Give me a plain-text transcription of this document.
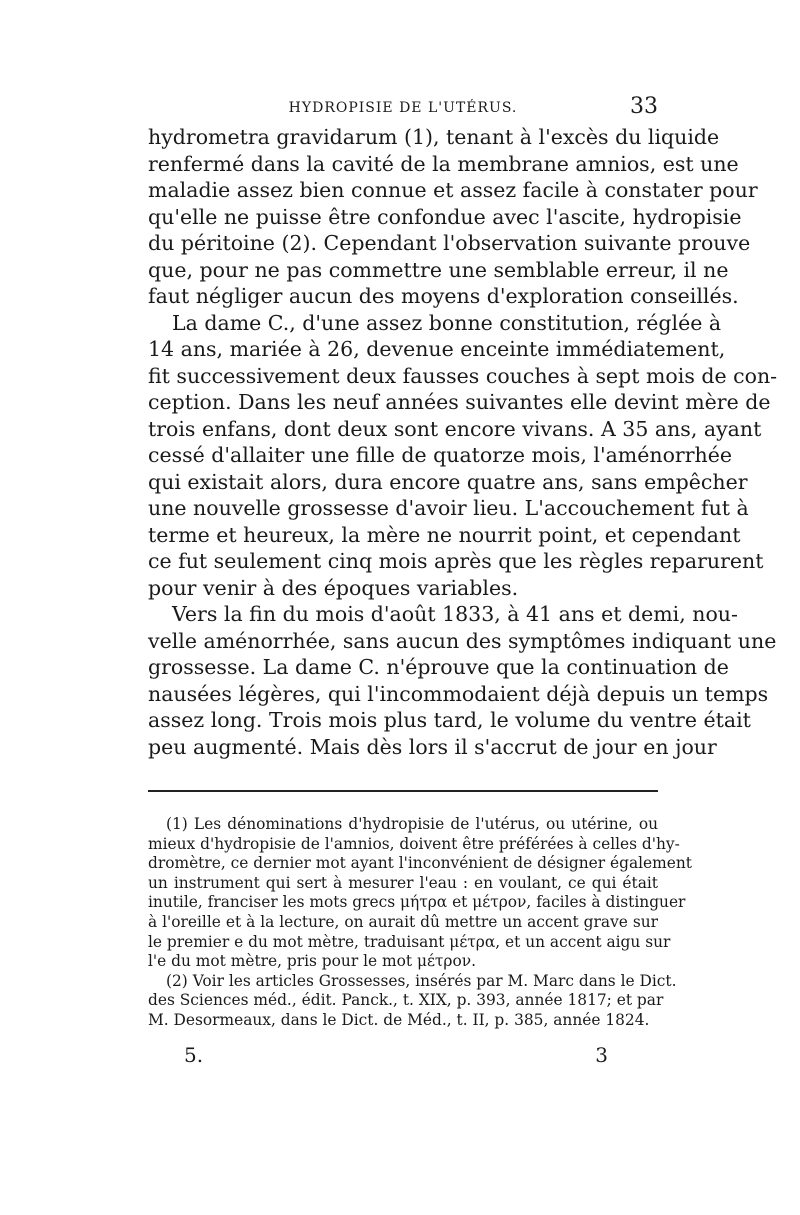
HYDROPISIE DE L'UTÉRUS.	33
hydrometra gravidarum (1), tenant à l'excès du liquide
renfermé dans la cavité de la membrane amnios, est une
maladie assez bien connue et assez facile à constater pour
qu'elle ne puisse être confondue avec l'ascite, hydropisie
du péritoine (2). Cependant l'observation suivante prouve
que, pour ne pas commettre une semblable erreur, il ne
faut négliger aucun des moyens d'exploration conseillés.
La dame C., d'une assez bonne constitution, réglée à
14 ans, mariée à 26, devenue enceinte immédiatement,
fit successivement deux fausses couches à sept mois de con-
ception. Dans les neuf années suivantes elle devint mère de
trois enfans, dont deux sont encore vivans. A 35 ans, ayant
cessé d'allaiter une fille de quatorze mois, l'aménorrhée
qui existait alors, dura encore quatre ans, sans empêcher
une nouvelle grossesse d'avoir lieu. L'accouchement fut à
terme et heureux, la mère ne nourrit point, et cependant
ce fut seulement cinq mois après que les règles reparurent
pour venir à des époques variables.
Vers la fin du mois d'août 1833, à 41 ans et demi, nou-
velle aménorrhée, sans aucun des symptômes indiquant une
grossesse. La dame C. n'éprouve que la continuation de
nausées légères, qui l'incommodaient déjà depuis un temps
assez long. Trois mois plus tard, le volume du ventre était
peu augmenté. Mais dès lors il s'accrut de jour en jour
(1) Les dénominations d'hydropisie de l'utérus, ou utérine, ou
mieux d'hydropisie de l'amnios, doivent être préférées à celles d'hy-
dromètre, ce dernier mot ayant l'inconvénient de désigner également
un instrument qui sert à mesurer l'eau : en voulant, ce qui était
inutile, franciser les mots grecs μήτρα et μέτρον, faciles à distinguer
à l'oreille et à la lecture, on aurait dû mettre un accent grave sur
le premier e du mot mètre, traduisant μέτρα, et un accent aigu sur
l'e du mot mètre, pris pour le mot μέτρον.
(2) Voir les articles Grossesses, insérés par M. Marc dans le Dict.
des Sciences méd., édit. Panck., t. XIX, p. 393, année 1817; et par
M. Desormeaux, dans le Dict. de Méd., t. II, p. 385, année 1824.
5.	3
